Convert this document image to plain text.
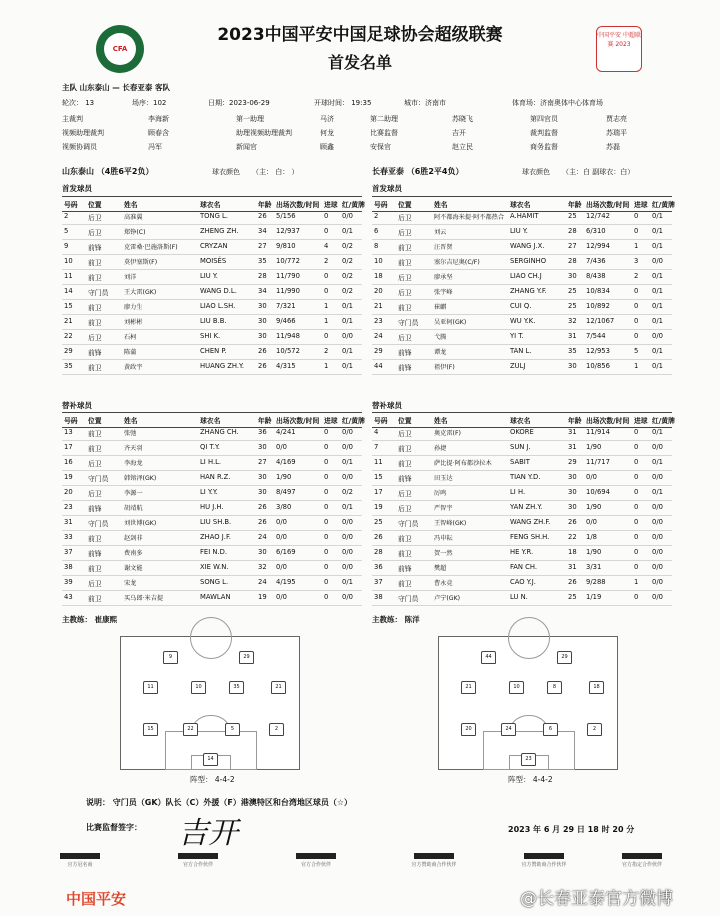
CFA
中国平安 中超联赛 2023
2023中国平安中国足球协会超级联赛
首发名单
主队 山东泰山 — 长春亚泰 客队
轮次： 13	场序：102	日期：2023-06-29	开球时间： 19:35	城市：济南市	体育场：济南奥体中心体育场
主裁判	李海新	第一助理	马济	第二助理	苏晓飞	第四官员	贾志亮
视频助理裁判	顾春含	助理视频助理裁判	何龙	比赛监督	吉开	裁判监督	苏瑞平
视频协调员	冯军	新闻官	顾鑫	安保官	赵立民	商务监督	苏磊
山东泰山 （4胜6平2负）	球衣颜色 （主： 白： ）	长春亚泰 （6胜2平4负）	球衣颜色 （主：白 副球衣：白）
首发球员	首发球员
替补球员	替补球员
号码 位置	姓名	球衣名	年龄 出场次数/时间 进球 红/黄牌
2	后卫	高准翼	TONG L.	26 5/156	0 0/0
5	后卫	郑铮(C)	ZHENG ZH.	34 12/937	0 0/1
9	前锋	克雷桑·巴施洛斯(F)	CRYZAN	27 9/810	4 0/2
10 前卫	莫伊塞斯(F)	MOISÉS	35 10/772	2 0/2
11 前卫	刘洋	LIU Y.	28 11/790	0 0/2
14 守门员	王大雷(GK)	WANG D.L.	34 11/990	0 0/2
15 前卫	廖力生	LIAO L.SH.	30 7/321	1 0/1
21 前卫	刘彬彬	LIU B.B.	30 9/466	1 0/1
22 后卫	石柯	SHI K.	30 11/948	0 0/0
29 前锋	陈蒲	CHEN P.	26 10/572	2 0/1
35 前卫	黄政宇	HUANG ZH.Y. 26 4/315	1 0/1
号码 位置	姓名	球衣名	年龄 出场次数/时间 进球 红/黄牌
2	后卫	阿不都海米提·阿不都热合 A.HAMIT	25 12/742	0 0/1
6	后卫	刘云	LIU Y.	28 6/310	0 0/1
8	前卫	汪晋贤	WANG J.X.	27 12/994	1 0/1
10 前卫	塞尔吉尼奥(C/F)	SERGINHO	28 7/436	3 0/0
18 后卫	廖承坚	LIAO CH.J	30 8/438	2 0/1
20 后卫	张宇峰	ZHANG Y.F.	25 10/834	0 0/1
21 前卫	崔麒	CUI Q.	25 10/892	0 0/1
23 守门员	吴亚轲(GK)	WU Y.K.	32 12/1067	0 0/1
24 后卫	弋腾	YI T.	31 7/544	0 0/0
29 前锋	谭龙	TAN L.	35 12/953	5 0/1
44 前锋	祖伊(F)	ZULJ	30 10/856	1 0/1
号码 位置	姓名	球衣名	年龄 出场次数/时间 进球 红/黄牌
13 前卫	张弛	ZHANG CH.	36 4/241	0 0/0
17 前卫	齐天羽	QI T.Y.	30 0/0	0 0/0
16 后卫	李海龙	LI H.L.	27 4/169	0 0/1
19 守门员	韩镕泽(GK)	HAN R.Z.	30 1/90	0 0/0
20 后卫	李源一	LI Y.Y.	30 8/497	0 0/2
23 前锋	胡靖航	HU J.H.	26 3/80	0 0/1
31 守门员	刘世博(GK)	LIU SH.B.	26 0/0	0 0/0
33 前卫	赵剑非	ZHAO J.F.	24 0/0	0 0/0
37 前锋	费南多	FEI N.D.	30 6/169	0 0/0
38 前卫	谢文能	XIE W.N.	32 0/0	0 0/0
39 后卫	宋龙	SONG L.	24 4/195	0 0/1
43 前卫	买乌郎·米吉提	MAWLAN	19 0/0	0 0/0
号码 位置	姓名	球衣名	年龄 出场次数/时间 进球 红/黄牌
4	后卫	奥克雷(F)	OKORE	31 11/914	0 0/1
7	前卫	孙捷	SUN J.	31 1/90	0 0/0
11 前卫	萨比提·阿布都沙拉木	SABIT	29 11/717	0 0/1
15 前锋	田玉达	TIAN Y.D.	30 0/0	0 0/0
17 后卫	厉鸣	LI H.	30 10/694	0 0/1
19 后卫	严智宇	YAN ZH.Y.	30 1/90	0 0/0
25 守门员	王智峰(GK)	WANG ZH.F.	26 0/0	0 0/0
26 前卫	冯申耘	FENG SH.H.	22 1/8	0 0/0
28 前卫	贺一然	HE Y.R.	18 1/90	0 0/0
36 前锋	樊超	FAN CH.	31 3/31	0 0/0
37 前卫	曹永竞	CAO Y.J.	26 9/288	1 0/0
38 守门员	卢宁(GK)	LU N.	25 1/19	0 0/0
主教练： 崔康熙	主教练： 陈洋
9	29
11	10	35	21
15	22	5	2
14
44	29
21	10	8	18
20	24	6	2
23
阵型： 4-4-2	阵型： 4-4-2
说明： 守门员（GK）队长（C）外援（F）港澳特区和台湾地区球员（☆）
比赛监督签字： 吉开	2023 年 6 月 29 日 18 时 20 分
官方冠名商	官方合作伙伴	官方合作伙伴	官方赞助商合作伙伴	官方赞助商合作伙伴	官方指定合作伙伴
中国平安	@长春亚泰官方微博
